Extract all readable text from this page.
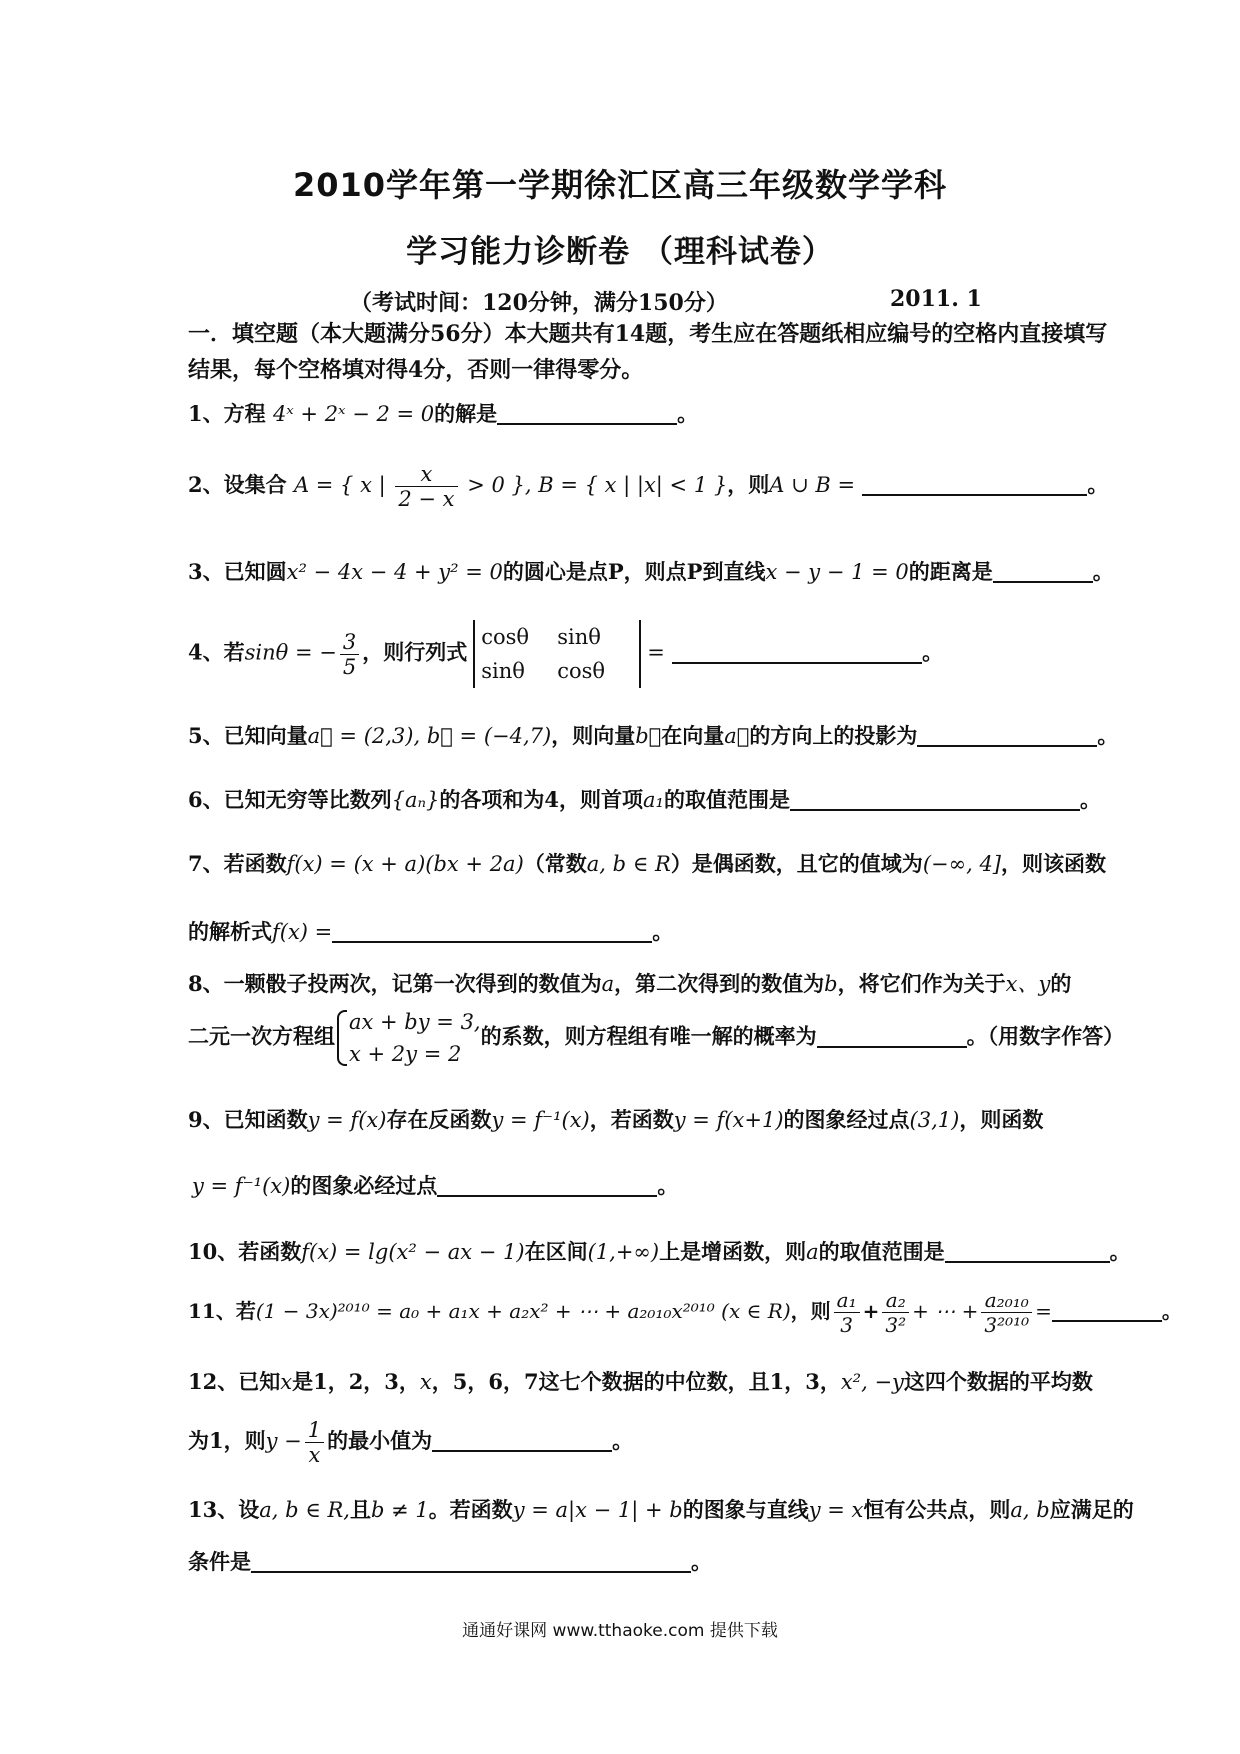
2010学年第一学期徐汇区高三年级数学学科
学习能力诊断卷 （理科试卷）
（考试时间：120分钟，满分150分）	2011. 1
一．填空题（本大题满分56分）本大题共有14题，考生应在答题纸相应编号的空格内直接填写结果，每个空格填对得4分，否则一律得零分。
1、方程 4ˣ + 2ˣ − 2 = 0的解是	。
2、设集合 A = { x | $\frac{x}{2 - x} > 0$ }, B = { x | |x| < 1 }，则A ∪ B =	。
3、已知圆x² − 4x − 4 + y² = 0的圆心是点P，则点P到直线x − y − 1 = 0的距离是	。
4、若sinθ = − $\frac{3}{5}$ ，则行列式
cosθ sinθ
sinθ cosθ
=	。
5、已知向量a⃗ = (2,3), b⃗ = (−4,7)，则向量b⃗在向量a⃗的方向上的投影为	。
6、已知无穷等比数列{aₙ}的各项和为4，则首项a₁的取值范围是	。
7、若函数f(x) = (x + a)(bx + 2a)（常数a, b ∈ R）是偶函数，且它的值域为(−∞, 4]，则该函数
的解析式f(x) =	。
8、一颗骰子投两次，记第一次得到的数值为a，第二次得到的数值为b，将它们作为关于x、y的
二元一次方程组
ax + by = 3,
x + 2y = 2
的系数，则方程组有唯一解的概率为	。（用数字作答）
9、已知函数y = f(x)存在反函数y = f⁻¹(x)，若函数y = f(x+1)的图象经过点(3,1)，则函数
y = f⁻¹(x)的图象必经过点	。
10、若函数f(x) = lg(x² − ax − 1)在区间(1,+∞)上是增函数，则a的取值范围是	。
11、若(1 − 3x)²⁰¹⁰ = a₀ + a₁x + a₂x² + ⋯ + a₂₀₁₀x²⁰¹⁰ (x ∈ R)，则 $\frac{\text{a₁}}{3} + \frac{\text{a₂}}{\text{3²}}$ + ⋯ + $\frac{\text{a₂₀₁₀}}{\text{3²⁰¹⁰}}$ =	。
12、已知x是1，2，3，x，5，6，7这七个数据的中位数，且1，3，x², −y这四个数据的平均数
为1，则$y - \frac{1}{x}$ 的最小值为	。
13、设a, b ∈ R,且b ≠ 1。若函数y = a|x − 1| + b的图象与直线y = x恒有公共点，则a, b应满足的
条件是	。
通通好课网 www.tthaoke.com 提供下载
